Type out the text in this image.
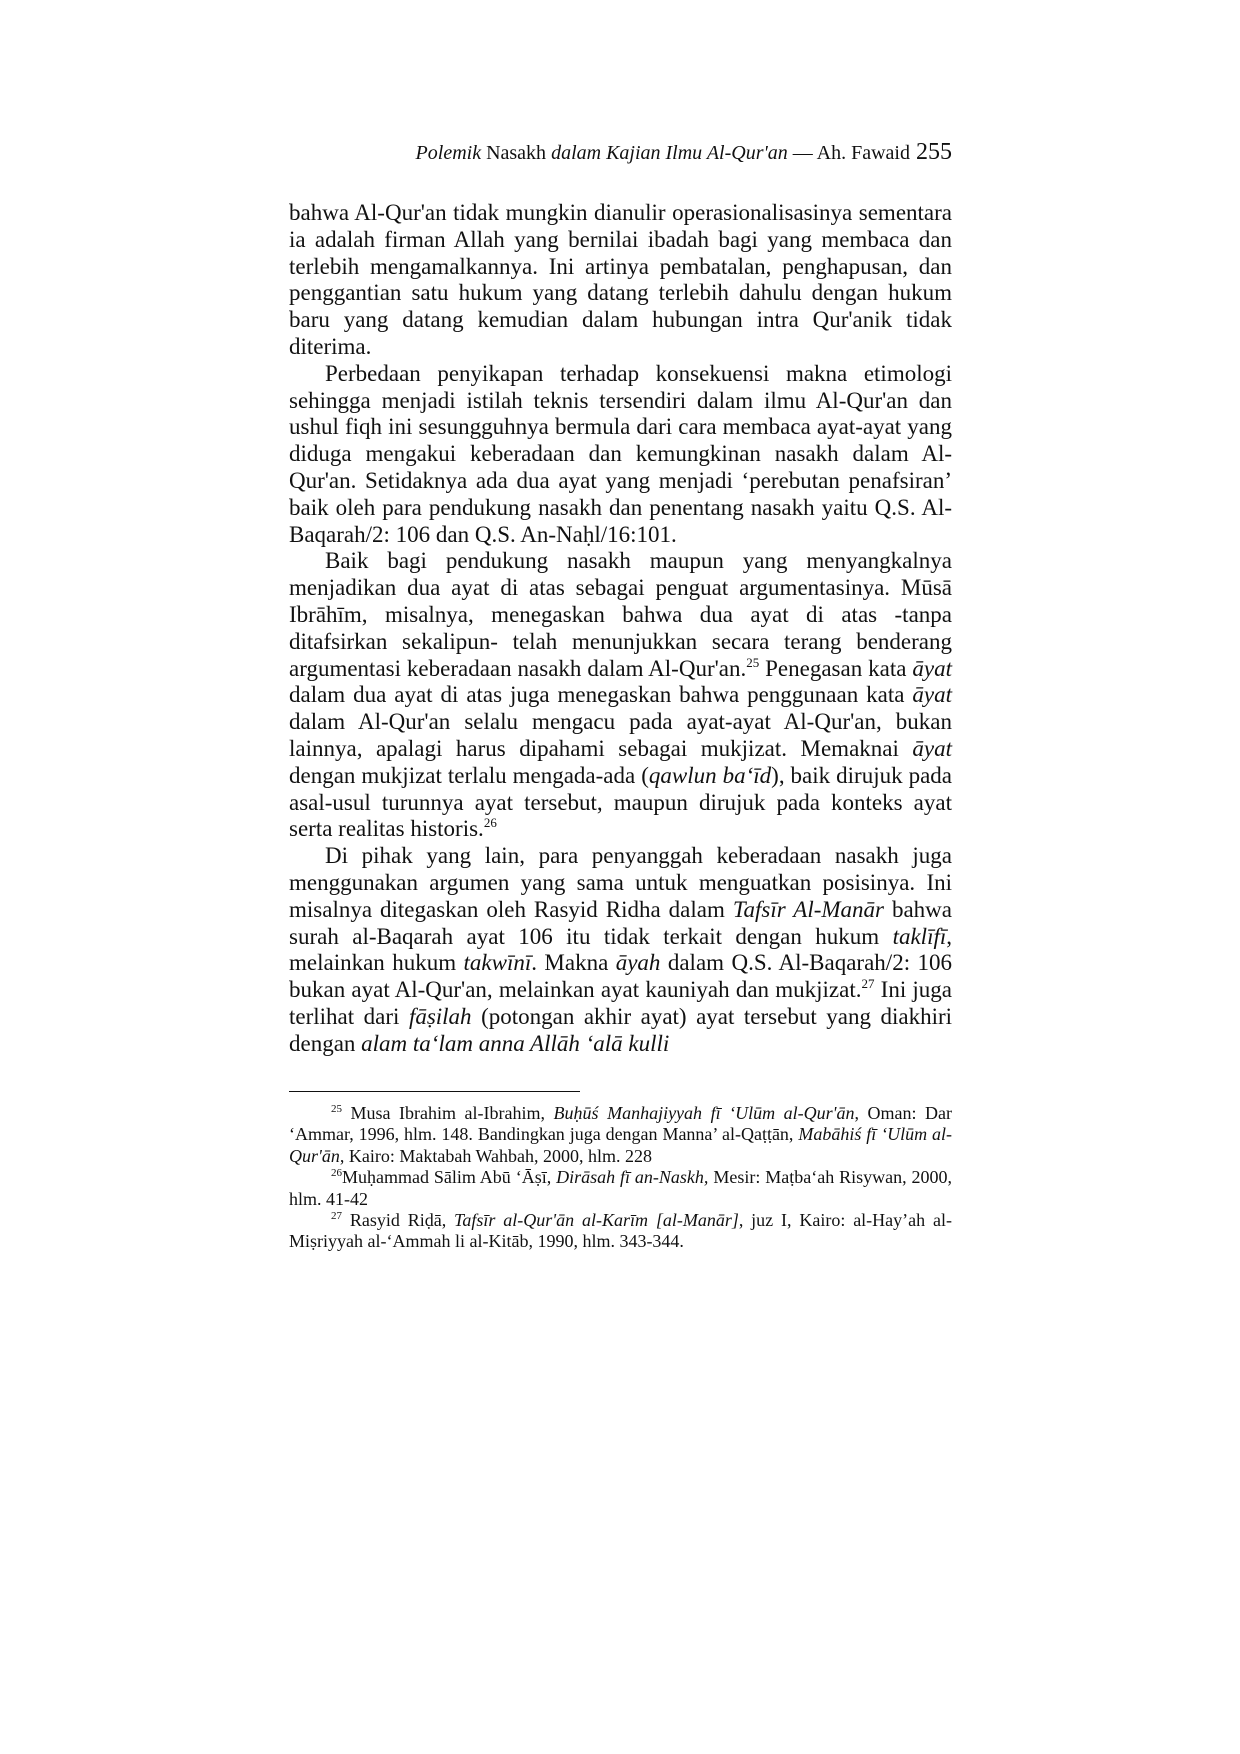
Polemik Nasakh dalam Kajian Ilmu Al-Qur'an — Ah. Fawaid 255

bahwa Al-Qur'an tidak mungkin dianulir operasionalisasinya sementara ia adalah firman Allah yang bernilai ibadah bagi yang membaca dan terlebih mengamalkannya. Ini artinya pembatalan, penghapusan, dan penggantian satu hukum yang datang terlebih dahulu dengan hukum baru yang datang kemudian dalam hubungan intra Qur'anik tidak diterima.

Perbedaan penyikapan terhadap konsekuensi makna etimologi sehingga menjadi istilah teknis tersendiri dalam ilmu Al-Qur'an dan ushul fiqh ini sesungguhnya bermula dari cara membaca ayat-ayat yang diduga mengakui keberadaan dan kemungkinan nasakh dalam Al-Qur'an. Setidaknya ada dua ayat yang menjadi ‘perebutan penafsiran’ baik oleh para pendukung nasakh dan penentang nasakh yaitu Q.S. Al-Baqarah/2: 106 dan Q.S. An-Naḥl/16:101.

Baik bagi pendukung nasakh maupun yang menyangkalnya menjadikan dua ayat di atas sebagai penguat argumentasinya. Mūsā Ibrāhīm, misalnya, menegaskan bahwa dua ayat di atas -tanpa ditafsirkan sekalipun- telah menunjukkan secara terang benderang argumentasi keberadaan nasakh dalam Al-Qur'an.$^{25}$ Penegasan kata āyat dalam dua ayat di atas juga menegaskan bahwa penggunaan kata āyat dalam Al-Qur'an selalu mengacu pada ayat-ayat Al-Qur'an, bukan lainnya, apalagi harus dipahami sebagai mukjizat. Memaknai āyat dengan mukjizat terlalu mengada-ada (qawlun ba‘īd), baik dirujuk pada asal-usul turunnya ayat tersebut, maupun dirujuk pada konteks ayat serta realitas historis.$^{26}$

Di pihak yang lain, para penyanggah keberadaan nasakh juga menggunakan argumen yang sama untuk menguatkan posisinya. Ini misalnya ditegaskan oleh Rasyid Ridha dalam Tafsīr Al-Manār bahwa surah al-Baqarah ayat 106 itu tidak terkait dengan hukum taklīfī, melainkan hukum takwīnī. Makna āyah dalam Q.S. Al-Baqarah/2: 106 bukan ayat Al-Qur'an, melainkan ayat kauniyah dan mukjizat.$^{27}$ Ini juga terlihat dari fāṣilah (potongan akhir ayat) ayat tersebut yang diakhiri dengan alam ta‘lam anna Allāh ‘alā kulli

$^{25}$ Musa Ibrahim al-Ibrahim, Buḥūś Manhajiyyah fī ‘Ulūm al-Qur'ān, Oman: Dar ‘Ammar, 1996, hlm. 148. Bandingkan juga dengan Manna’ al-Qaṭṭān, Mabāhiś fī ‘Ulūm al-Qur'ān, Kairo: Maktabah Wahbah, 2000, hlm. 228

$^{26}$Muḥammad Sālim Abū ‘Āṣī, Dirāsah fī an-Naskh, Mesir: Maṭba‘ah Risywan, 2000, hlm. 41-42

$^{27}$ Rasyid Riḍā, Tafsīr al-Qur'ān al-Karīm [al-Manār], juz I, Kairo: al-Hay’ah al-Miṣriyyah al-‘Ammah li al-Kitāb, 1990, hlm. 343-344.
